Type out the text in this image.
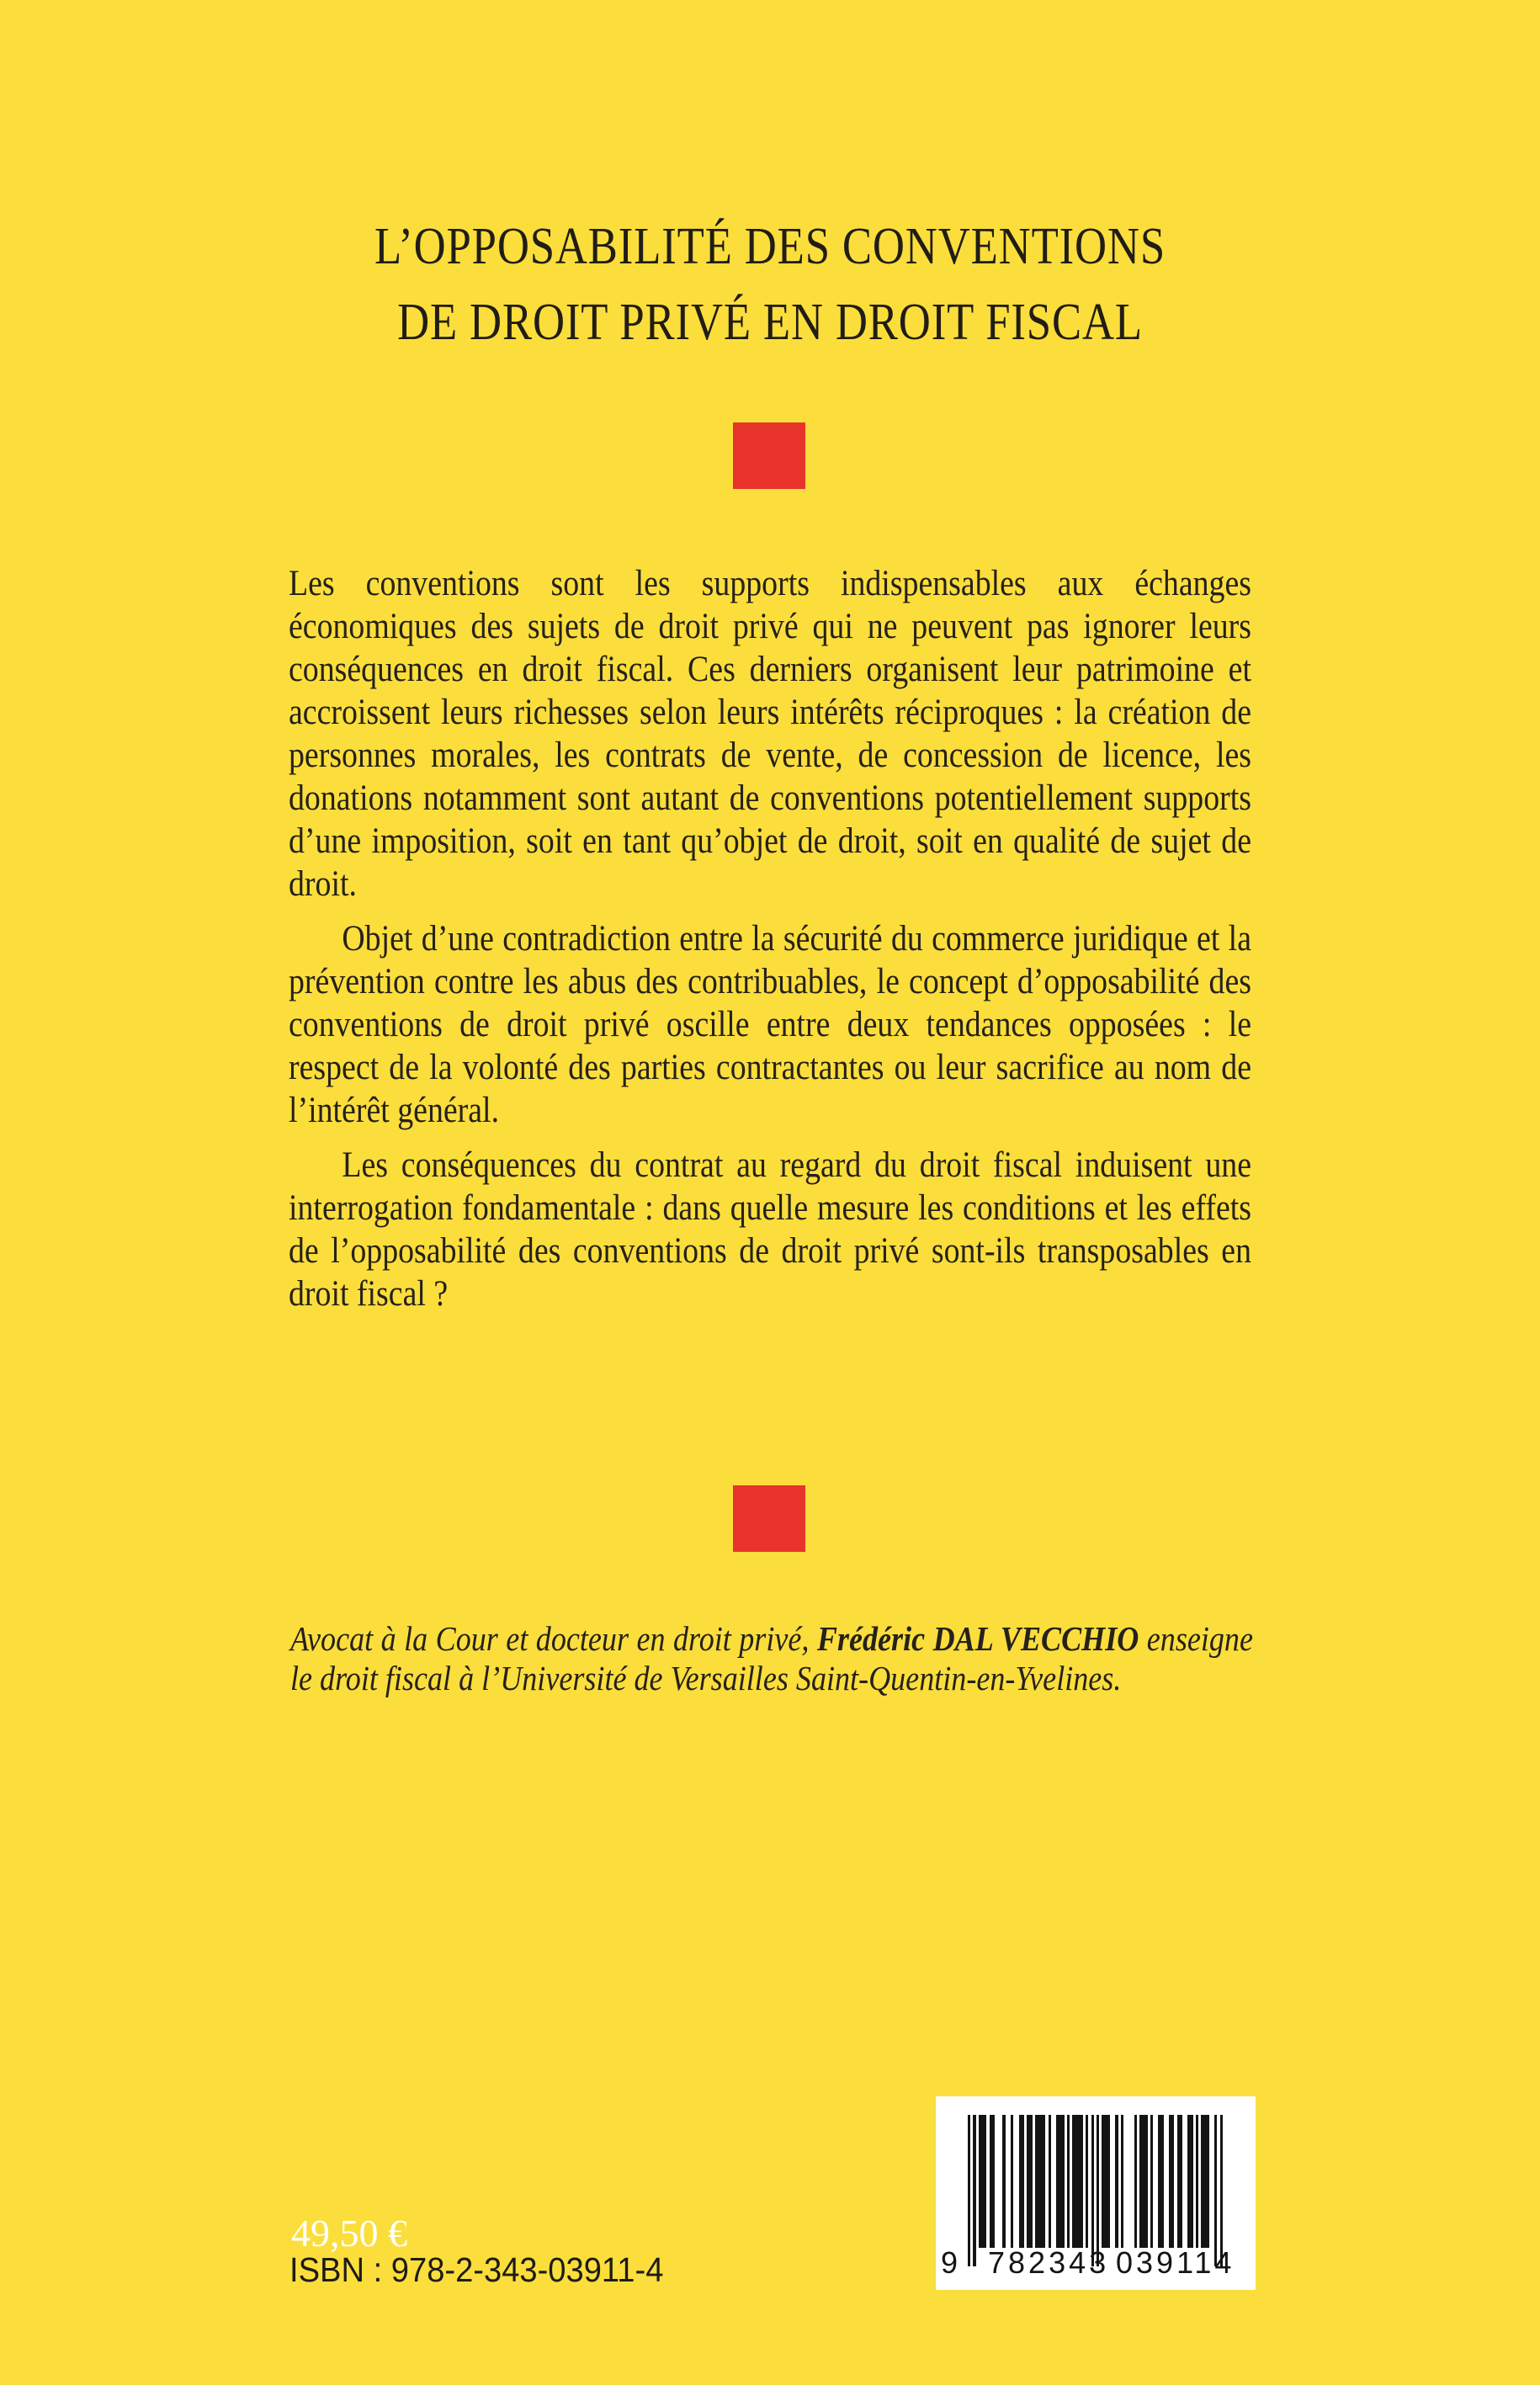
L’OPPOSABILITÉ DES CONVENTIONS
DE DROIT PRIVÉ EN DROIT FISCAL

Les conventions sont les supports indispensables aux échanges économiques des sujets de droit privé qui ne peuvent pas ignorer leurs conséquences en droit fiscal. Ces derniers organisent leur patrimoine et accroissent leurs richesses selon leurs intérêts réciproques : la création de personnes morales, les contrats de vente, de concession de licence, les donations notamment sont autant de conventions potentiellement supports d’une imposition, soit en tant qu’objet de droit, soit en qualité de sujet de droit.

Objet d’une contradiction entre la sécurité du commerce juridique et la prévention contre les abus des contribuables, le concept d’opposabilité des conventions de droit privé oscille entre deux tendances opposées : le respect de la volonté des parties contractantes ou leur sacrifice au nom de l’intérêt général.

Les conséquences du contrat au regard du droit fiscal induisent une interrogation fondamentale : dans quelle mesure les conditions et les effets de l’opposabilité des conventions de droit privé sont-ils transposables en droit fiscal ?

Avocat à la Cour et docteur en droit privé, Frédéric DAL VECCHIO enseigne le droit fiscal à l’Université de Versailles Saint-Quentin-en-Yvelines.
49,50 €
ISBN : 978-2-343-03911-4	9 782343 039114
